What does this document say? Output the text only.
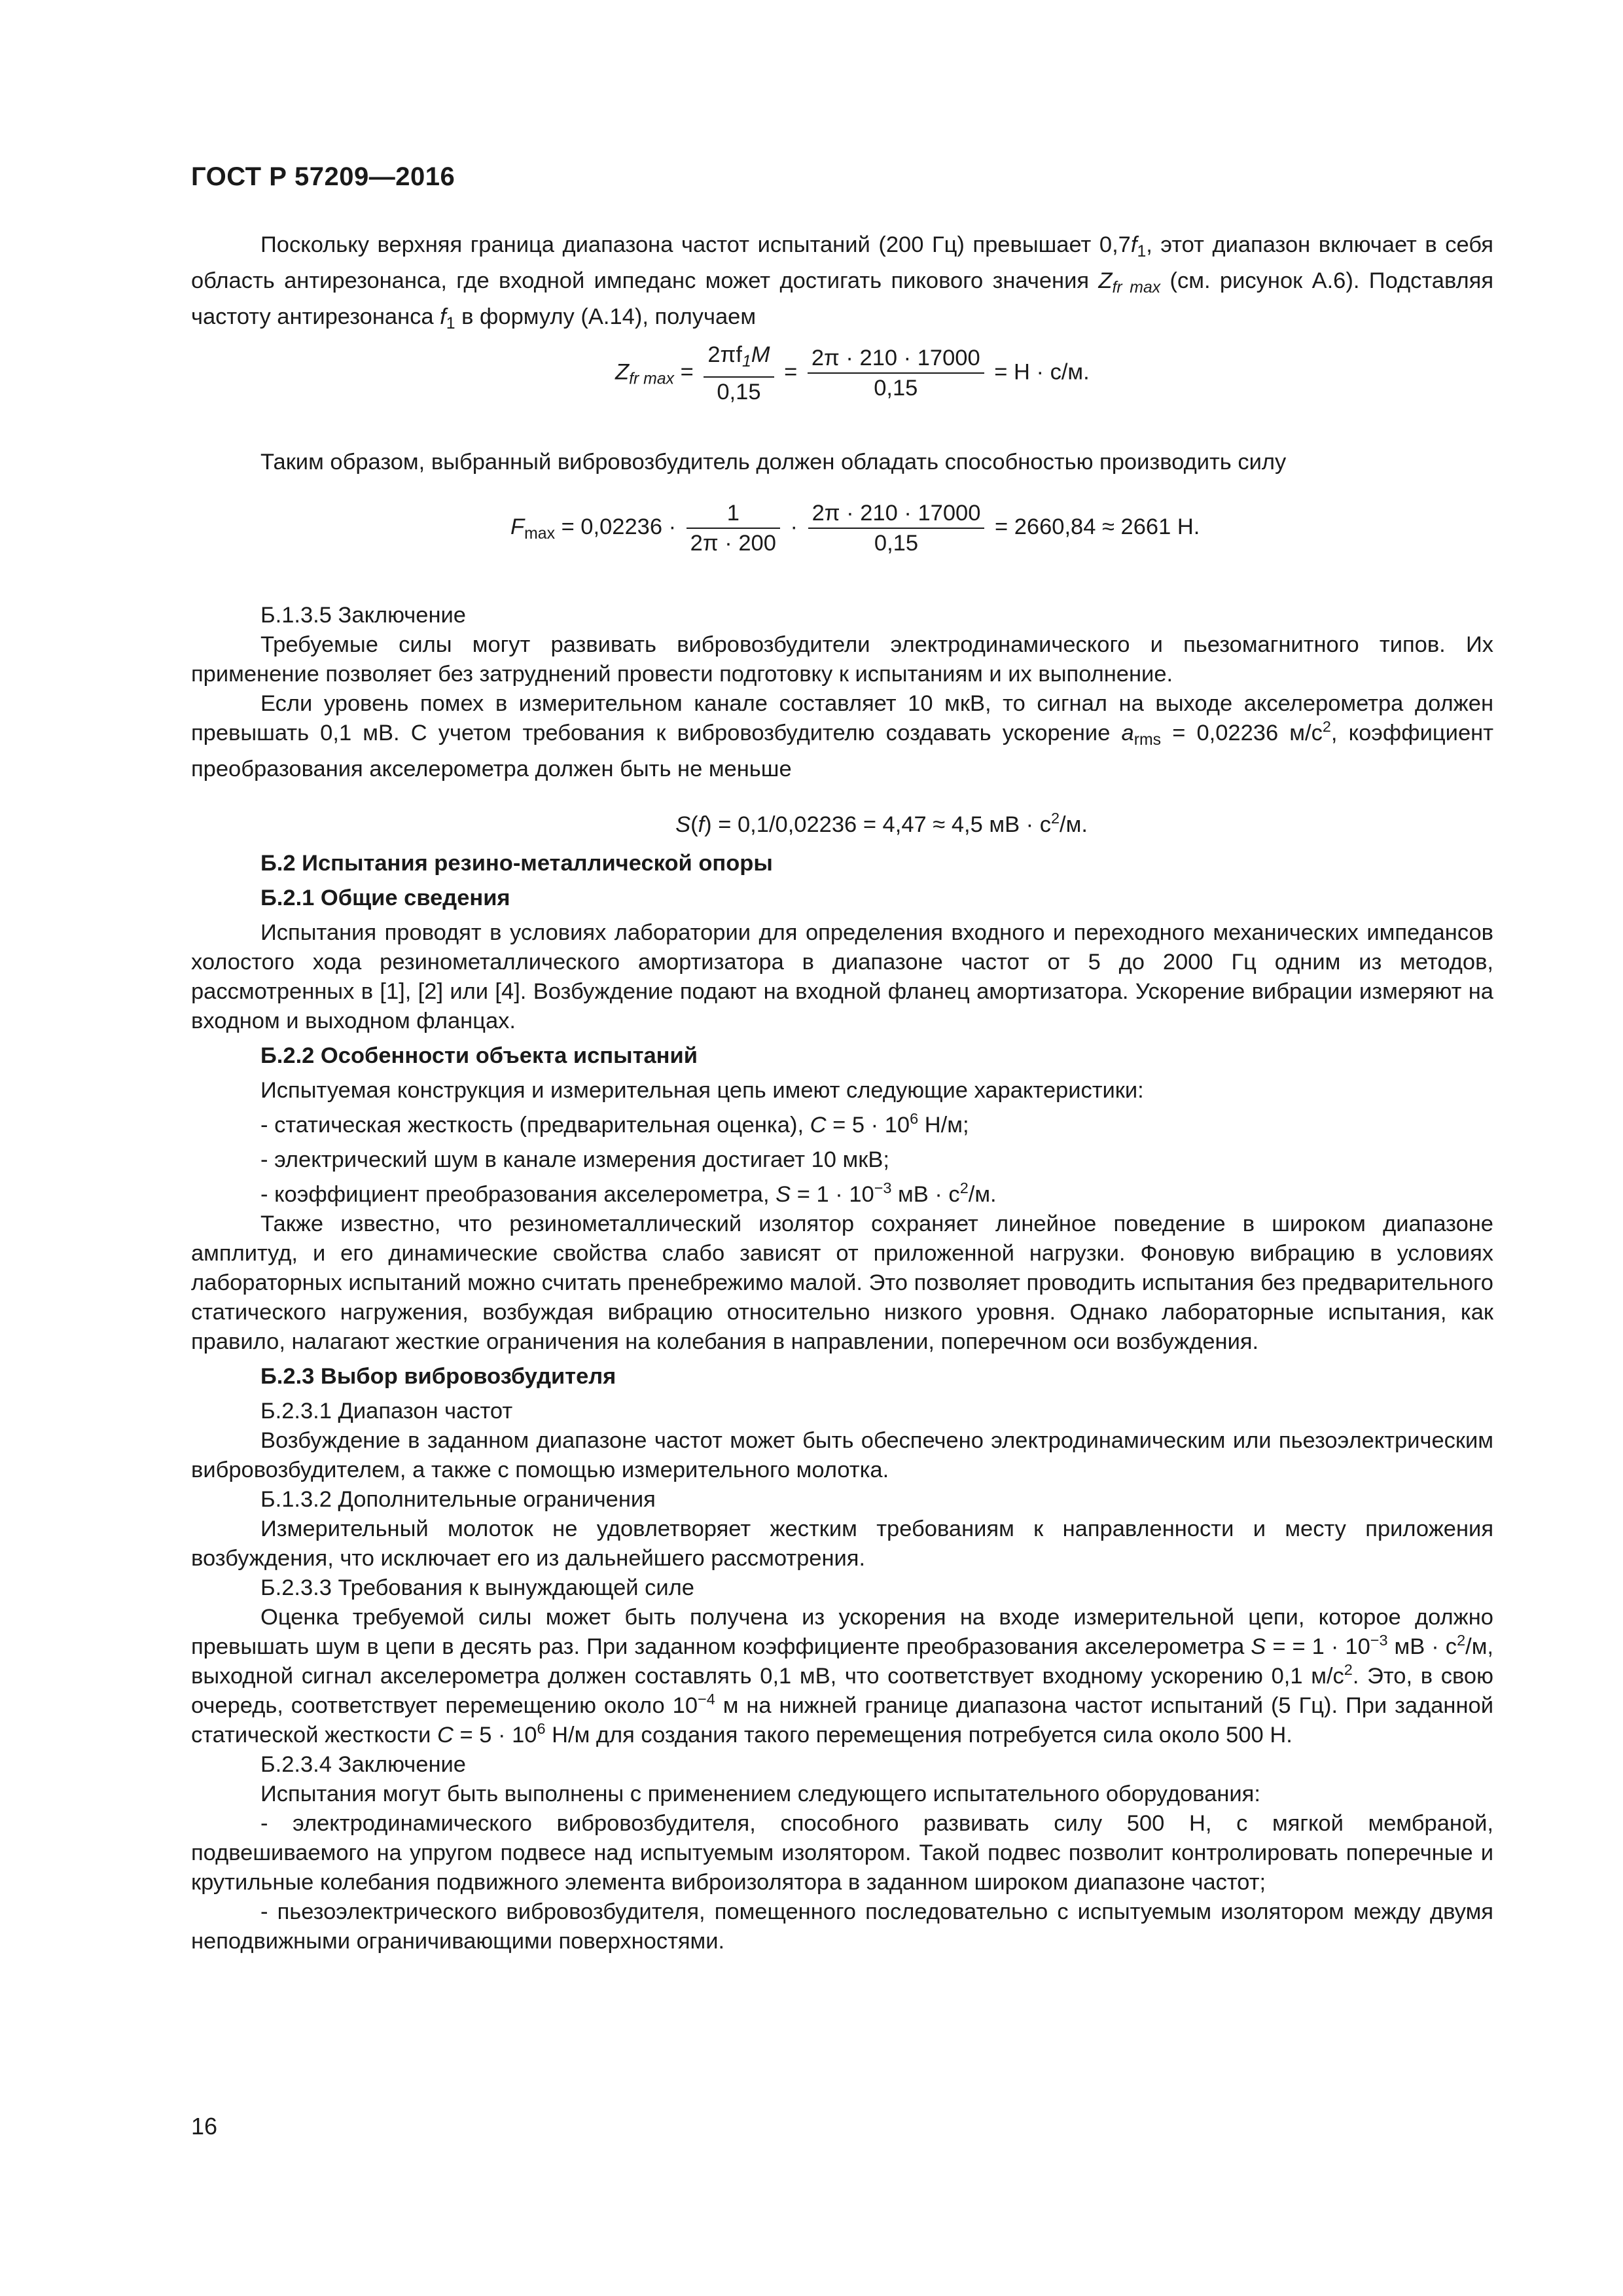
ГОСТ Р 57209—2016

Поскольку верхняя граница диапазона частот испытаний (200 Гц) превышает $0,7f_1$, этот диапазон включает в себя область антирезонанса, где входной импеданс может достигать пикового значения $Z_{fr max}$ (см. рисунок А.6). Подставляя частоту антирезонанса $f_1$ в формулу (А.14), получаем

$Z_{fr max} = \frac{2\pi f_1M}{0,15} = \frac{2\pi \cdot 210 \cdot 17000}{0,15} = Н \cdot с/м$.

Таким образом, выбранный вибровозбудитель должен обладать способностью производить силу

$F_{max} = 0,02236 \cdot \frac{1}{2\pi \cdot 200} \cdot \frac{2\pi \cdot 210 \cdot 17000}{0,15} = 2660,84 \approx 2661$ Н.

Б.1.3.5 Заключение

Требуемые силы могут развивать вибровозбудители электродинамического и пьезомагнитного типов. Их применение позволяет без затруднений провести подготовку к испытаниям и их выполнение.

Если уровень помех в измерительном канале составляет 10 мкВ, то сигнал на выходе акселерометра должен превышать 0,1 мВ. С учетом требования к вибровозбудителю создавать ускорение $a_{rms} = 0,02236$ $м/с^2$, коэффициент преобразования акселерометра должен быть не меньше

S(f) = 0,1/0,02236 = 4,47 ≈ 4,5 мВ · $с^2/м$.

Б.2 Испытания резино-металлической опоры

Б.2.1 Общие сведения

Испытания проводят в условиях лаборатории для определения входного и переходного механических импедансов холостого хода резинометаллического амортизатора в диапазоне частот от 5 до 2000 Гц одним из методов, рассмотренных в [1], [2] или [4]. Возбуждение подают на входной фланец амортизатора. Ускорение вибрации измеряют на входном и выходном фланцах.

Б.2.2 Особенности объекта испытаний

Испытуемая конструкция и измерительная цепь имеют следующие характеристики:

- статическая жесткость (предварительная оценка), $C = 5 \cdot 10^6$ Н/м;

- электрический шум в канале измерения достигает 10 мкВ;

- коэффициент преобразования акселерометра, $S = 1 \cdot 10^{-3}$ мВ · $с^2/м$.

Также известно, что резинометаллический изолятор сохраняет линейное поведение в широком диапазоне амплитуд, и его динамические свойства слабо зависят от приложенной нагрузки. Фоновую вибрацию в условиях лабораторных испытаний можно считать пренебрежимо малой. Это позволяет проводить испытания без предварительного статического нагружения, возбуждая вибрацию относительно низкого уровня. Однако лабораторные испытания, как правило, налагают жесткие ограничения на колебания в направлении, поперечном оси возбуждения.

Б.2.3 Выбор вибровозбудителя

Б.2.3.1 Диапазон частот

Возбуждение в заданном диапазоне частот может быть обеспечено электродинамическим или пьезоэлектрическим вибровозбудителем, а также с помощью измерительного молотка.

Б.1.3.2 Дополнительные ограничения

Измерительный молоток не удовлетворяет жестким требованиям к направленности и месту приложения возбуждения, что исключает его из дальнейшего рассмотрения.

Б.2.3.3 Требования к вынуждающей силе

Оценка требуемой силы может быть получена из ускорения на входе измерительной цепи, которое должно превышать шум в цепи в десять раз. При заданном коэффициенте преобразования акселерометра S = = $1 \cdot 10^{-3}$ мВ · $с^2/м$, выходной сигнал акселерометра должен составлять 0,1 мВ, что соответствует входному ускорению 0,1 $м/с^2$. Это, в свою очередь, соответствует перемещению около $10^{-4}$ м на нижней границе диапазона частот испытаний (5 Гц). При заданной статической жесткости $C = 5 \cdot 10^6$ Н/м для создания такого перемещения потребуется сила около 500 Н.

Б.2.3.4 Заключение

Испытания могут быть выполнены с применением следующего испытательного оборудования:

- электродинамического вибровозбудителя, способного развивать силу 500 Н, с мягкой мембраной, подвешиваемого на упругом подвесе над испытуемым изолятором. Такой подвес позволит контролировать поперечные и крутильные колебания подвижного элемента виброизолятора в заданном широком диапазоне частот;

- пьезоэлектрического вибровозбудителя, помещенного последовательно с испытуемым изолятором между двумя неподвижными ограничивающими поверхностями.

16
